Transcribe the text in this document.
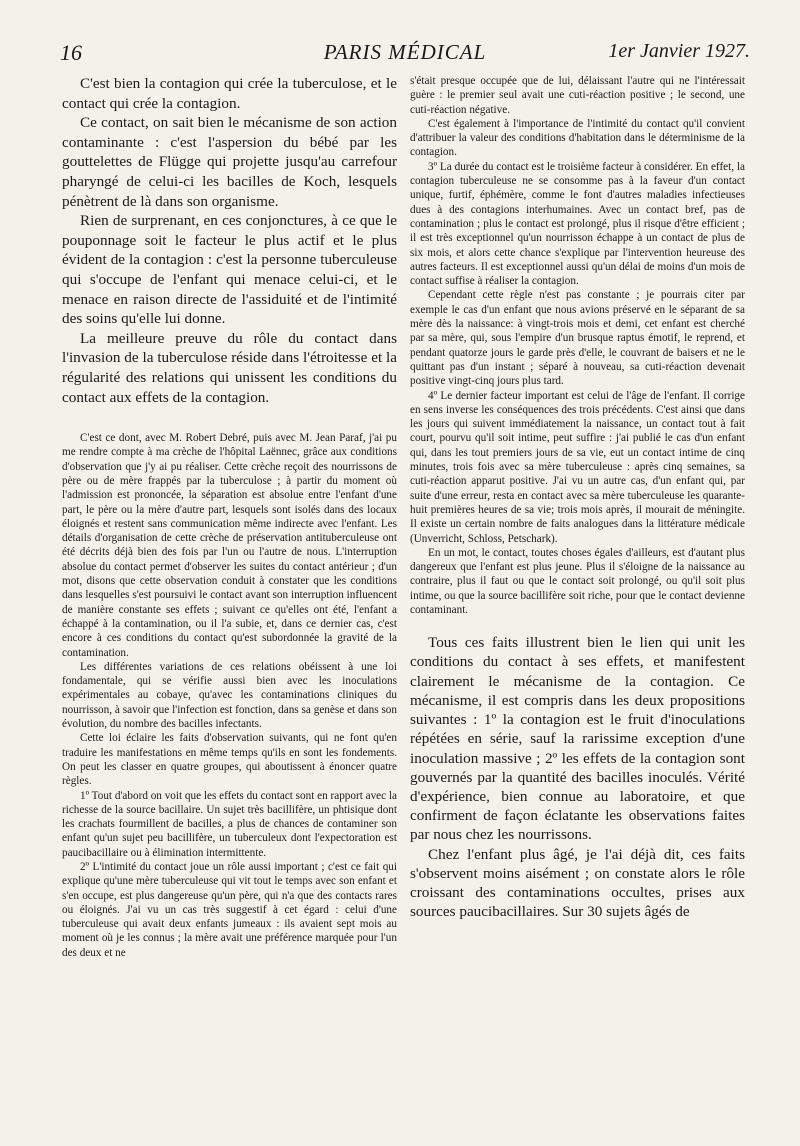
16	PARIS MÉDICAL	1er Janvier 1927.

C'est bien la contagion qui crée la tuberculose, et le contact qui crée la contagion.

Ce contact, on sait bien le mécanisme de son action contaminante : c'est l'aspersion du bébé par les gouttelettes de Flügge qui projette jusqu'au carrefour pharyngé de celui-ci les bacilles de Koch, lesquels pénètrent de là dans son organisme.

Rien de surprenant, en ces conjonctures, à ce que le pouponnage soit le facteur le plus actif et le plus évident de la contagion : c'est la personne tuberculeuse qui s'occupe de l'enfant qui menace celui-ci, et le menace en raison directe de l'assiduité et de l'intimité des soins qu'elle lui donne.

La meilleure preuve du rôle du contact dans l'invasion de la tuberculose réside dans l'étroitesse et la régularité des relations qui unissent les conditions du contact aux effets de la contagion.

C'est ce dont, avec M. Robert Debré, puis avec M. Jean Paraf, j'ai pu me rendre compte à ma crèche de l'hôpital Laënnec, grâce aux conditions d'observation que j'y ai pu réaliser. Cette crèche reçoit des nourrissons de père ou de mère frappés par la tuberculose ; à partir du moment où l'admission est prononcée, la séparation est absolue entre l'enfant d'une part, le père ou la mère d'autre part, lesquels sont isolés dans des locaux éloignés et restent sans communication même indirecte avec l'enfant. Les détails d'organisation de cette crèche de préservation antituberculeuse ont été décrits déjà bien des fois par l'un ou l'autre de nous. L'interruption absolue du contact permet d'observer les suites du contact antérieur ; d'un mot, disons que cette observation conduit à constater que les conditions dans lesquelles s'est poursuivi le contact avant son interruption influencent de manière constante ses effets ; suivant ce qu'elles ont été, l'enfant a échappé à la contamination, ou il l'a subie, et, dans ce dernier cas, c'est encore à ces conditions du contact qu'est subordonnée la gravité de la contamination.

Les différentes variations de ces relations obéissent à une loi fondamentale, qui se vérifie aussi bien avec les inoculations expérimentales au cobaye, qu'avec les contaminations cliniques du nourrisson, à savoir que l'infection est fonction, dans sa genèse et dans son évolution, du nombre des bacilles infectants.

Cette loi éclaire les faits d'observation suivants, qui ne font qu'en traduire les manifestations en même temps qu'ils en sont les fondements. On peut les classer en quatre groupes, qui aboutissent à énoncer quatre règles.

1º Tout d'abord on voit que les effets du contact sont en rapport avec la richesse de la source bacillaire. Un sujet très bacillifère, un phtisique dont les crachats fourmillent de bacilles, a plus de chances de contaminer son enfant qu'un sujet peu bacillifère, un tuberculeux dont l'expectoration est paucibacillaire ou à élimination intermittente.

2º L'intimité du contact joue un rôle aussi important ; c'est ce fait qui explique qu'une mère tuberculeuse qui vit tout le temps avec son enfant et s'en occupe, est plus dangereuse qu'un père, qui n'a que des contacts rares ou éloignés. J'ai vu un cas très suggestif à cet égard : celui d'une tuberculeuse qui avait deux enfants jumeaux : ils avaient sept mois au moment où je les connus ; la mère avait une préférence marquée pour l'un des deux et ne

s'était presque occupée que de lui, délaissant l'autre qui ne l'intéressait guère : le premier seul avait une cuti-réaction positive ; le second, une cuti-réaction négative.

C'est également à l'importance de l'intimité du contact qu'il convient d'attribuer la valeur des conditions d'habitation dans le déterminisme de la contagion.

3º La durée du contact est le troisième facteur à considérer. En effet, la contagion tuberculeuse ne se consomme pas à la faveur d'un contact unique, furtif, éphémère, comme le font d'autres maladies infectieuses dues à des contagions interhumaines. Avec un contact bref, pas de contamination ; plus le contact est prolongé, plus il risque d'être efficient ; il est très exceptionnel qu'un nourrisson échappe à un contact de plus de six mois, et alors cette chance s'explique par l'intervention heureuse des autres facteurs. Il est exceptionnel aussi qu'un délai de moins d'un mois de contact suffise à réaliser la contagion.

Cependant cette règle n'est pas constante ; je pourrais citer par exemple le cas d'un enfant que nous avions préservé en le séparant de sa mère dès la naissance: à vingt-trois mois et demi, cet enfant est cherché par sa mère, qui, sous l'empire d'un brusque raptus émotif, le reprend, et pendant quatorze jours le garde près d'elle, le couvrant de baisers et ne le quittant pas d'un instant ; séparé à nouveau, sa cuti-réaction devenait positive vingt-cinq jours plus tard.

4º Le dernier facteur important est celui de l'âge de l'enfant. Il corrige en sens inverse les conséquences des trois précédents. C'est ainsi que dans les jours qui suivent immédiatement la naissance, un contact tout à fait court, pourvu qu'il soit intime, peut suffire : j'ai publié le cas d'un enfant qui, dans les tout premiers jours de sa vie, eut un contact intime de cinq minutes, trois fois avec sa mère tuberculeuse : après cinq semaines, sa cuti-réaction apparut positive. J'ai vu un autre cas, d'un enfant qui, par suite d'une erreur, resta en contact avec sa mère tuberculeuse les quarante-huit premières heures de sa vie; trois mois après, il mourait de méningite. Il existe un certain nombre de faits analogues dans la littérature médicale (Unverricht, Schloss, Petschark).

En un mot, le contact, toutes choses égales d'ailleurs, est d'autant plus dangereux que l'enfant est plus jeune. Plus il s'éloigne de la naissance au contraire, plus il faut ou que le contact soit prolongé, ou qu'il soit plus intime, ou que la source bacillifère soit riche, pour que le contact devienne contaminant.

Tous ces faits illustrent bien le lien qui unit les conditions du contact à ses effets, et manifestent clairement le mécanisme de la contagion. Ce mécanisme, il est compris dans les deux propositions suivantes : 1º la contagion est le fruit d'inoculations répétées en série, sauf la rarissime exception d'une inoculation massive ; 2º les effets de la contagion sont gouvernés par la quantité des bacilles inoculés. Vérité d'expérience, bien connue au laboratoire, et que confirment de façon éclatante les observations faites par nous chez les nourrissons.

Chez l'enfant plus âgé, je l'ai déjà dit, ces faits s'observent moins aisément ; on constate alors le rôle croissant des contaminations occultes, prises aux sources paucibacillaires. Sur 30 sujets âgés de
